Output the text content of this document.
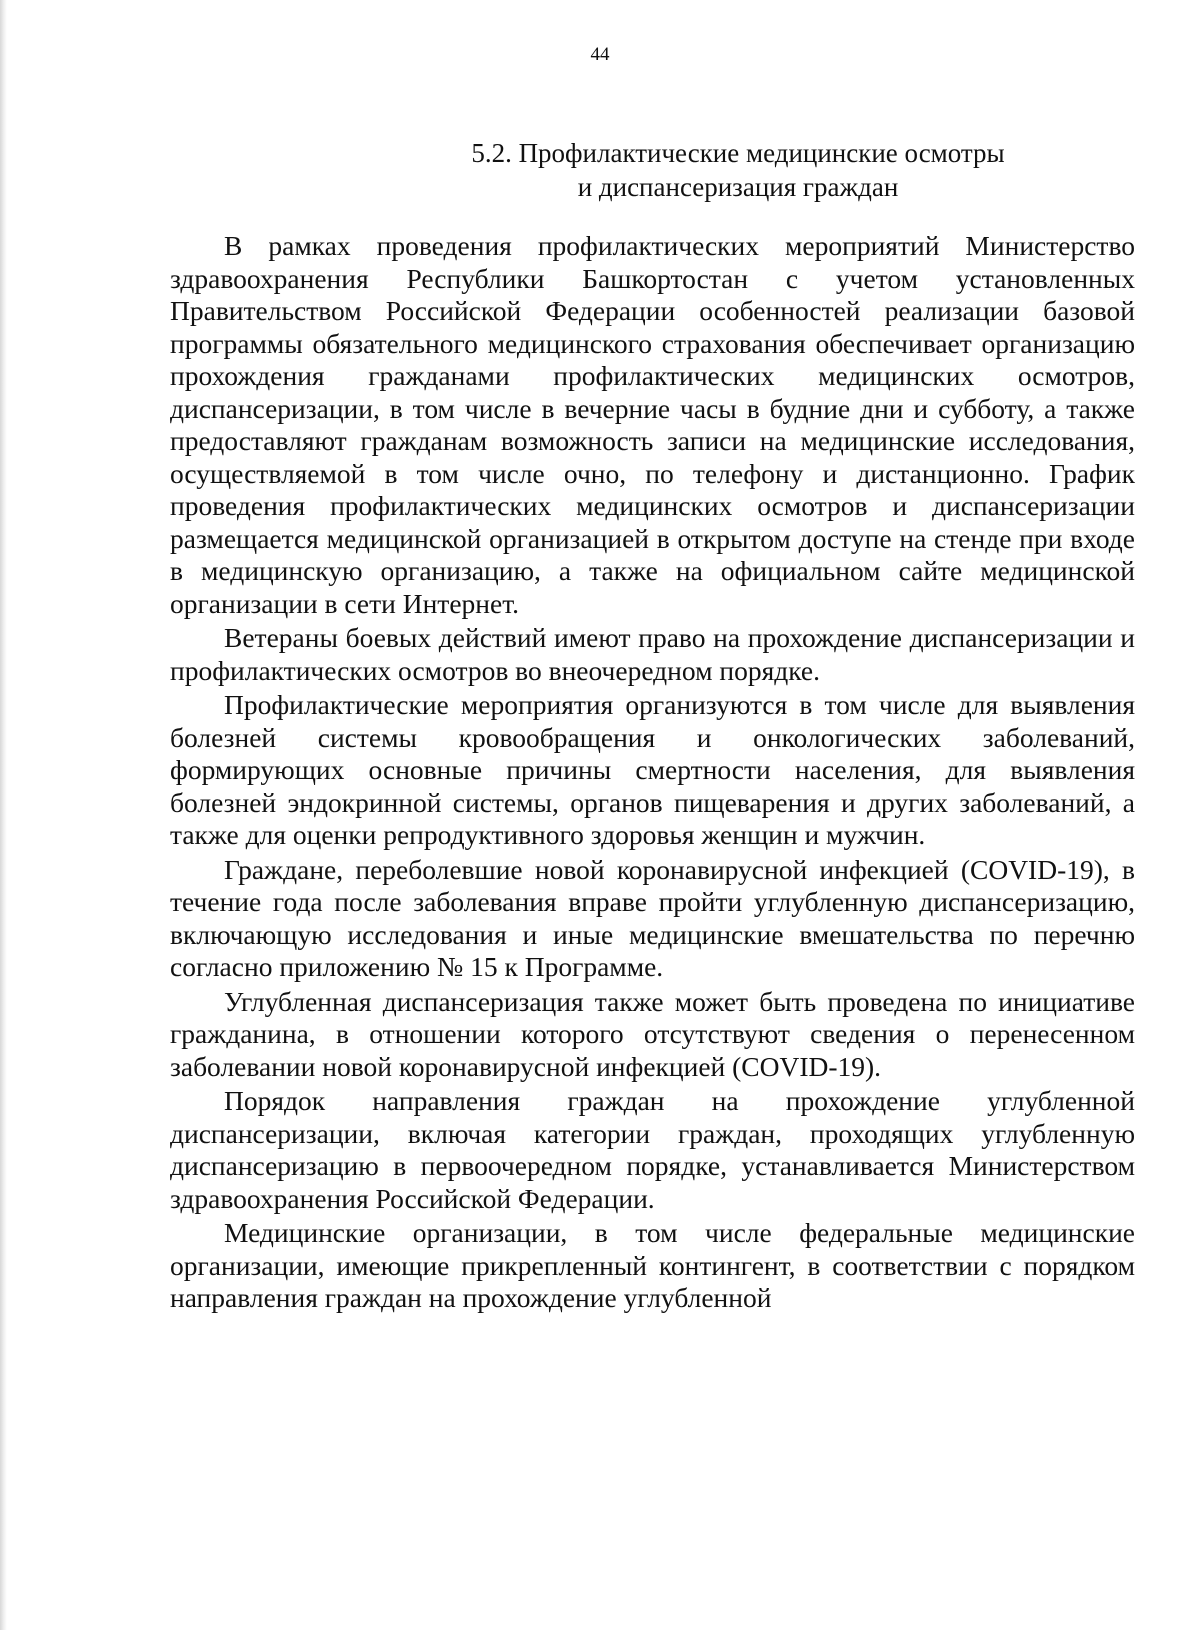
44
5.2. Профилактические медицинские осмотры
и диспансеризация граждан

В рамках проведения профилактических мероприятий Министерство здравоохранения Республики Башкортостан с учетом установленных Правительством Российской Федерации особенностей реализации базовой программы обязательного медицинского страхования обеспечивает организацию прохождения гражданами профилактических медицинских осмотров, диспансеризации, в том числе в вечерние часы в будние дни и субботу, а также предоставляют гражданам возможность записи на медицинские исследования, осуществляемой в том числе очно, по телефону и дистанционно. График проведения профилактических медицинских осмотров и диспансеризации размещается медицинской организацией в открытом доступе на стенде при входе в медицинскую организацию, а также на официальном сайте медицинской организации в сети Интернет.

Ветераны боевых действий имеют право на прохождение диспансеризации и профилактических осмотров во внеочередном порядке.

Профилактические мероприятия организуются в том числе для выявления болезней системы кровообращения и онкологических заболеваний, формирующих основные причины смертности населения, для выявления болезней эндокринной системы, органов пищеварения и других заболеваний, а также для оценки репродуктивного здоровья женщин и мужчин.

Граждане, переболевшие новой коронавирусной инфекцией (COVID-19), в течение года после заболевания вправе пройти углубленную диспансеризацию, включающую исследования и иные медицинские вмешательства по перечню согласно приложению № 15 к Программе.

Углубленная диспансеризация также может быть проведена по инициативе гражданина, в отношении которого отсутствуют сведения о перенесенном заболевании новой коронавирусной инфекцией (COVID-19).

Порядок направления граждан на прохождение углубленной диспансеризации, включая категории граждан, проходящих углубленную диспансеризацию в первоочередном порядке, устанавливается Министерством здравоохранения Российской Федерации.

Медицинские организации, в том числе федеральные медицинские организации, имеющие прикрепленный контингент, в соответствии с порядком направления граждан на прохождение углубленной
